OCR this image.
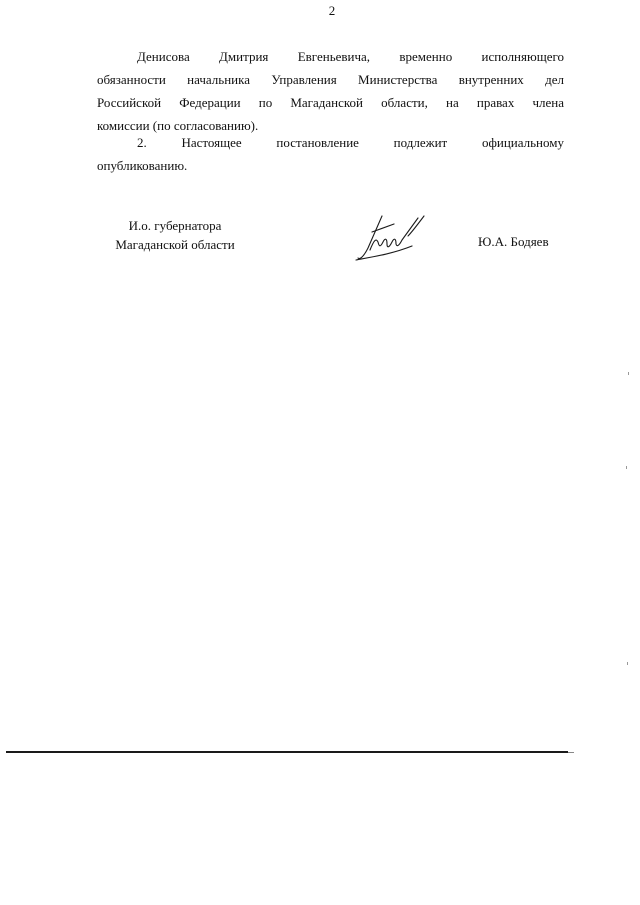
2
Денисова Дмитрия Евгеньевича, временно исполняющего
обязанности начальника Управления Министерства внутренних дел
Российской Федерации по Магаданской области, на правах члена
комиссии (по согласованию).
2. Настоящее постановление подлежит официальному
опубликованию.
И.о. губернатора
Магаданской области	Ю.А. Бодяев
